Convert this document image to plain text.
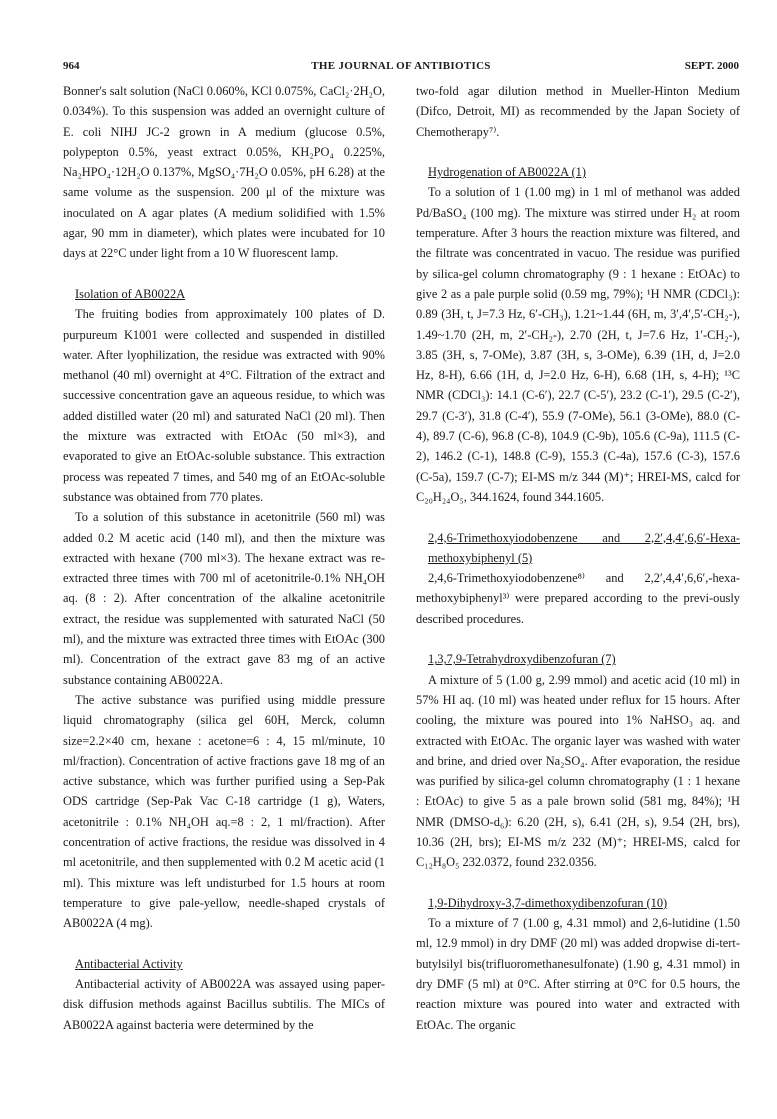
964	THE JOURNAL OF ANTIBIOTICS	SEPT. 2000

Bonner's salt solution (NaCl 0.060%, KCl 0.075%, CaCl₂·2H₂O, 0.034%). To this suspension was added an overnight culture of E. coli NIHJ JC-2 grown in A medium (glucose 0.5%, polypepton 0.5%, yeast extract 0.05%, KH₂PO₄ 0.225%, Na₂HPO₄·12H₂O 0.137%, MgSO₄·7H₂O 0.05%, pH 6.28) at the same volume as the suspension. 200 μl of the mixture was inoculated on A agar plates (A medium solidified with 1.5% agar, 90 mm in diameter), which plates were incubated for 10 days at 22°C under light from a 10 W fluorescent lamp.

Isolation of AB0022A

The fruiting bodies from approximately 100 plates of D. purpureum K1001 were collected and suspended in distilled water. After lyophilization, the residue was extracted with 90% methanol (40 ml) overnight at 4°C. Filtration of the extract and successive concentration gave an aqueous residue, to which was added distilled water (20 ml) and saturated NaCl (20 ml). Then the mixture was extracted with EtOAc (50 ml×3), and evaporated to give an EtOAc-soluble substance. This extraction process was repeated 7 times, and 540 mg of an EtOAc-soluble substance was obtained from 770 plates.

To a solution of this substance in acetonitrile (560 ml) was added 0.2 M acetic acid (140 ml), and then the mixture was extracted with hexane (700 ml×3). The hexane extract was re-extracted three times with 700 ml of acetonitrile-0.1% NH₄OH aq. (8 : 2). After concentration of the alkaline acetonitrile extract, the residue was supplemented with saturated NaCl (50 ml), and the mixture was extracted three times with EtOAc (300 ml). Concentration of the extract gave 83 mg of an active substance containing AB0022A.

The active substance was purified using middle pressure liquid chromatography (silica gel 60H, Merck, column size=2.2×40 cm, hexane : acetone=6 : 4, 15 ml/minute, 10 ml/fraction). Concentration of active fractions gave 18 mg of an active substance, which was further purified using a Sep-Pak ODS cartridge (Sep-Pak Vac C-18 cartridge (1 g), Waters, acetonitrile : 0.1% NH₄OH aq.=8 : 2, 1 ml/fraction). After concentration of active fractions, the residue was dissolved in 4 ml acetonitrile, and then supplemented with 0.2 M acetic acid (1 ml). This mixture was left undisturbed for 1.5 hours at room temperature to give pale-yellow, needle-shaped crystals of AB0022A (4 mg).

Antibacterial Activity

Antibacterial activity of AB0022A was assayed using paper-disk diffusion methods against Bacillus subtilis. The MICs of AB0022A against bacteria were determined by the

two-fold agar dilution method in Mueller-Hinton Medium (Difco, Detroit, MI) as recommended by the Japan Society of Chemotherapy⁷⁾.

Hydrogenation of AB0022A (1)

To a solution of 1 (1.00 mg) in 1 ml of methanol was added Pd/BaSO₄ (100 mg). The mixture was stirred under H₂ at room temperature. After 3 hours the reaction mixture was filtered, and the filtrate was concentrated in vacuo. The residue was purified by silica-gel column chromatography (9 : 1 hexane : EtOAc) to give 2 as a pale purple solid (0.59 mg, 79%); ¹H NMR (CDCl₃): 0.89 (3H, t, J=7.3 Hz, 6′-CH₃), 1.21~1.44 (6H, m, 3′,4′,5′-CH₂-), 1.49~1.70 (2H, m, 2′-CH₂-), 2.70 (2H, t, J=7.6 Hz, 1′-CH₂-), 3.85 (3H, s, 7-OMe), 3.87 (3H, s, 3-OMe), 6.39 (1H, d, J=2.0 Hz, 8-H), 6.66 (1H, d, J=2.0 Hz, 6-H), 6.68 (1H, s, 4-H); ¹³C NMR (CDCl₃): 14.1 (C-6′), 22.7 (C-5′), 23.2 (C-1′), 29.5 (C-2′), 29.7 (C-3′), 31.8 (C-4′), 55.9 (7-OMe), 56.1 (3-OMe), 88.0 (C-4), 89.7 (C-6), 96.8 (C-8), 104.9 (C-9b), 105.6 (C-9a), 111.5 (C-2), 146.2 (C-1), 148.8 (C-9), 155.3 (C-4a), 157.6 (C-3), 157.6 (C-5a), 159.7 (C-7); EI-MS m/z 344 (M)⁺; HREI-MS, calcd for C₂₀H₂₄O₅, 344.1624, found 344.1605.

2,4,6-Trimethoxyiodobenzene and 2,2′,4,4′,6,6′-Hexa-methoxybiphenyl (5)

2,4,6-Trimethoxyiodobenzene⁸⁾ and 2,2′,4,4′,6,6′,-hexa-methoxybiphenyl³⁾ were prepared according to the previ-ously described procedures.

1,3,7,9-Tetrahydroxydibenzofuran (7)

A mixture of 5 (1.00 g, 2.99 mmol) and acetic acid (10 ml) in 57% HI aq. (10 ml) was heated under reflux for 15 hours. After cooling, the mixture was poured into 1% NaHSO₃ aq. and extracted with EtOAc. The organic layer was washed with water and brine, and dried over Na₂SO₄. After evaporation, the residue was purified by silica-gel column chromatography (1 : 1 hexane : EtOAc) to give 5 as a pale brown solid (581 mg, 84%); ¹H NMR (DMSO-d₆): 6.20 (2H, s), 6.41 (2H, s), 9.54 (2H, brs), 10.36 (2H, brs); EI-MS m/z 232 (M)⁺; HREI-MS, calcd for C₁₂H₈O₅ 232.0372, found 232.0356.

1,9-Dihydroxy-3,7-dimethoxydibenzofuran (10)

To a mixture of 7 (1.00 g, 4.31 mmol) and 2,6-lutidine (1.50 ml, 12.9 mmol) in dry DMF (20 ml) was added dropwise di-tert-butylsilyl bis(trifluoromethanesulfonate) (1.90 g, 4.31 mmol) in dry DMF (5 ml) at 0°C. After stirring at 0°C for 0.5 hours, the reaction mixture was poured into water and extracted with EtOAc. The organic
